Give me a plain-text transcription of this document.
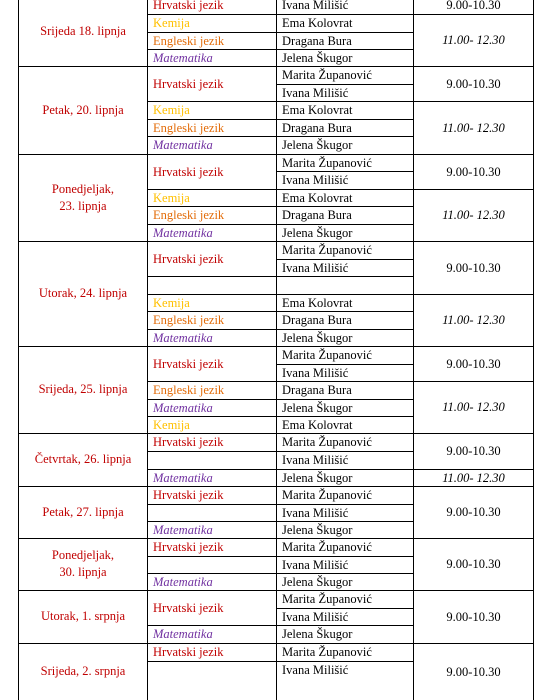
Srijeda 18. lipnja
Ivana Milišić
Hrvatski jezik
Ema Kolovrat
Kemija
Dragana Bura
Engleski jezik
Jelena Škugor
Matematika
9.00-10.30
11.00- 12.30
Petak, 20. lipnja
Marita Županović
Hrvatski jezik
Ivana Milišić
Ema Kolovrat
Kemija
Dragana Bura
Engleski jezik
Jelena Škugor
Matematika
9.00-10.30
11.00- 12.30
Ponedjeljak,
23. lipnja
Marita Županović
Hrvatski jezik
Ivana Milišić
Ema Kolovrat
Kemija
Dragana Bura
Engleski jezik
Jelena Škugor
Matematika
9.00-10.30
11.00- 12.30
Utorak, 24. lipnja
Marita Županović
Hrvatski jezik
Ivana Milišić
Ema Kolovrat
Kemija
Dragana Bura
Engleski jezik
Jelena Škugor
Matematika
9.00-10.30
11.00- 12.30
Srijeda, 25. lipnja
Marita Županović
Hrvatski jezik
Ivana Milišić
Dragana Bura
Engleski jezik
Jelena Škugor
Matematika
Ema Kolovrat
Kemija
9.00-10.30
11.00- 12.30
Četvrtak, 26. lipnja
Marita Županović
Hrvatski jezik
Ivana Milišić
Jelena Škugor
Matematika
9.00-10.30
11.00- 12.30
Petak, 27. lipnja
Marita Županović
Hrvatski jezik
Ivana Milišić
Jelena Škugor
Matematika
9.00-10.30
Ponedjeljak,
30. lipnja
Marita Županović
Hrvatski jezik
Ivana Milišić
Jelena Škugor
Matematika
9.00-10.30
Utorak, 1. srpnja
Marita Županović
Hrvatski jezik
Ivana Milišić
Jelena Škugor
Matematika
9.00-10.30
Srijeda, 2. srpnja
Marita Županović
Hrvatski jezik
Ivana Milišić	9.00-10.30
